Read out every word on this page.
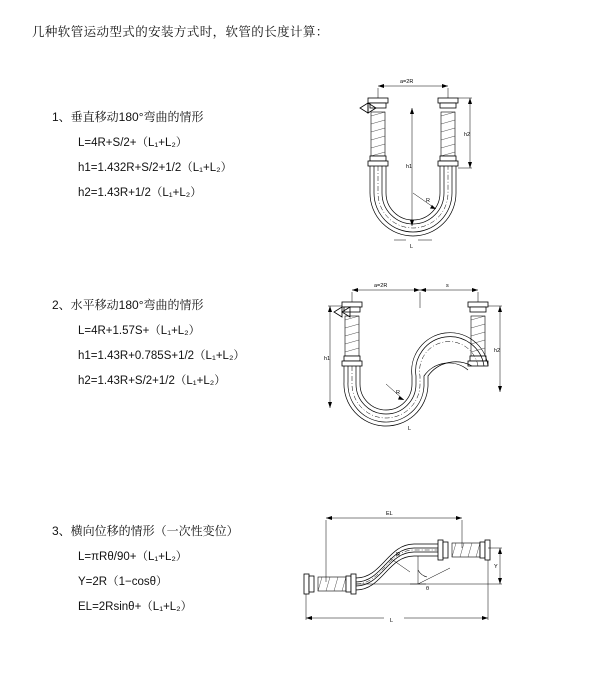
几种软管运动型式的安装方式时，软管的长度计算：

1、垂直移动180°弯曲的情形

L=4R+S/2+（L₁+L₂）

h1=1.432R+S/2+1/2（L₁+L₂）

h2=1.43R+1/2（L₁+L₂）

a=2R
R
h2
h1
L

2、水平移动180°弯曲的情形

L=4R+1.57S+（L₁+L₂）

h1=1.43R+0.785S+1/2（L₁+L₂）

h2=1.43R+S/2+1/2（L₁+L₂）

a=2R	s
R
h1
h2
L

3、横向位移的情形（一次性变位）

L=πRθ/90+（L₁+L₂）

Y=2R（1−cosθ）

EL=2Rsinθ+（L₁+L₂）

EL
θ
R
Y
L
